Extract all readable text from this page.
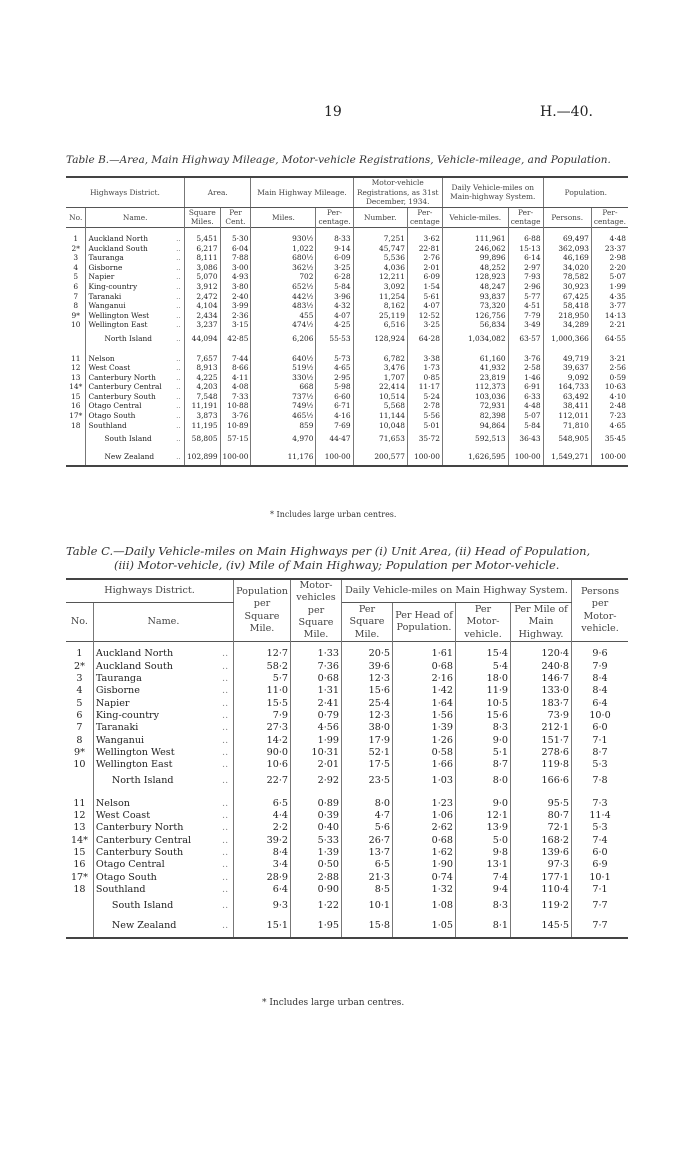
19	H.—40.
Table B.—Area, Main Highway Mileage, Motor-vehicle Registrations, Vehicle-mileage, and Population.
Highways District.			Area.		Main Highway Mileage.		Motor-vehicle Registrations, as 31st December, 1934.		Daily Vehicle-miles on Main-highway System.		Population.	
No.	Name.		Square Miles.	Per Cent.	Miles.	Per-centage.	Number.	Per-centage	Vehicle-miles.	Per-centage	Persons.	Per-centage.

1	Auckland North	..	5,451	5·30	930½	8·33	7,251	3·62	111,961	6·88	69,497	4·48
2*	Auckland South	..	6,217	6·04	1,022	9·14	45,747	22·81	246,062	15·13	362,093	23·37
3	Tauranga	..	8,111	7·88	680½	6·09	5,536	2·76	99,896	6·14	46,169	2·98
4	Gisborne	..	3,086	3·00	362½	3·25	4,036	2·01	48,252	2·97	34,020	2·20
5	Napier	..	5,070	4·93	702	6·28	12,211	6·09	128,923	7·93	78,582	5·07
6	King-country	..	3,912	3·80	652½	5·84	3,092	1·54	48,247	2·96	30,923	1·99
7	Taranaki	..	2,472	2·40	442½	3·96	11,254	5·61	93,837	5·77	67,425	4·35
8	Wanganui	..	4,104	3·99	483½	4·32	8,162	4·07	73,320	4·51	58,418	3·77
9*	Wellington West	..	2,434	2·36	455	4·07	25,119	12·52	126,756	7·79	218,950	14·13
10	Wellington East	..	3,237	3·15	474½	4·25	6,516	3·25	56,834	3·49	34,289	2·21
	North Island	..	44,094	42·85	6,206	55·53	128,924	64·28	1,034,082	63·57	1,000,366	64·55

11	Nelson	..	7,657	7·44	640½	5·73	6,782	3·38	61,160	3·76	49,719	3·21
12	West Coast	..	8,913	8·66	519½	4·65	3,476	1·73	41,932	2·58	39,637	2·56
13	Canterbury North	..	4,225	4·11	330½	2·95	1,707	0·85	23,819	1·46	9,092	0·59
14*	Canterbury Central	..	4,203	4·08	668	5·98	22,414	11·17	112,373	6·91	164,733	10·63
15	Canterbury South	..	7,548	7·33	737½	6·60	10,514	5·24	103,036	6·33	63,492	4·10
16	Otago Central	..	11,191	10·88	749½	6·71	5,568	2·78	72,931	4·48	38,411	2·48
17*	Otago South	..	3,873	3·76	465½	4·16	11,144	5·56	82,398	5·07	112,011	7·23
18	Southland	..	11,195	10·89	859	7·69	10,048	5·01	94,864	5·84	71,810	4·65
	South Island	..	58,805	57·15	4,970	44·47	71,653	35·72	592,513	36·43	548,905	35·45
	New Zealand	..	102,899	100·00	11,176	100·00	200,577	100·00	1,626,595	100·00	1,549,271	100·00
* Includes large urban centres.
Table C.—Daily Vehicle-miles on Main Highways per (i) Unit Area, (ii) Head of Population,
(iii) Motor-vehicle, (iv) Mile of Main Highway; Population per Motor-vehicle.
Highways District.			Population per Square Mile.	Motor-vehicles per Square Mile.	Daily Vehicle-miles on Main Highway System.				Persons per Motor-vehicle.
No.	Name.				Per Square Mile.	Per Head of Population.	Per Motor-vehicle.	Per Mile of Main Highway.	

1	Auckland North	..	12·7	1·33	20·5	1·61	15·4	120·4	9·6
2*	Auckland South	..	58·2	7·36	39·6	0·68	5·4	240·8	7·9
3	Tauranga	..	5·7	0·68	12·3	2·16	18·0	146·7	8·4
4	Gisborne	..	11·0	1·31	15·6	1·42	11·9	133·0	8·4
5	Napier	..	15·5	2·41	25·4	1·64	10·5	183·7	6·4
6	King-country	..	7·9	0·79	12·3	1·56	15·6	73·9	10·0
7	Taranaki	..	27·3	4·56	38·0	1·39	8·3	212·1	6·0
8	Wanganui	..	14·2	1·99	17·9	1·26	9·0	151·7	7·1
9*	Wellington West	..	90·0	10·31	52·1	0·58	5·1	278·6	8·7
10	Wellington East	..	10·6	2·01	17·5	1·66	8·7	119·8	5·3
	North Island	..	22·7	2·92	23·5	1·03	8·0	166·6	7·8

11	Nelson	..	6·5	0·89	8·0	1·23	9·0	95·5	7·3
12	West Coast	..	4·4	0·39	4·7	1·06	12·1	80·7	11·4
13	Canterbury North	..	2·2	0·40	5·6	2·62	13·9	72·1	5·3
14*	Canterbury Central	..	39·2	5·33	26·7	0·68	5·0	168·2	7·4
15	Canterbury South	..	8·4	1·39	13·7	1·62	9·8	139·6	6·0
16	Otago Central	..	3·4	0·50	6·5	1·90	13·1	97·3	6·9
17*	Otago South	..	28·9	2·88	21·3	0·74	7·4	177·1	10·1
18	Southland	..	6·4	0·90	8·5	1·32	9·4	110·4	7·1
	South Island	..	9·3	1·22	10·1	1·08	8·3	119·2	7·7
	New Zealand	..	15·1	1·95	15·8	1·05	8·1	145·5	7·7
* Includes large urban centres.
